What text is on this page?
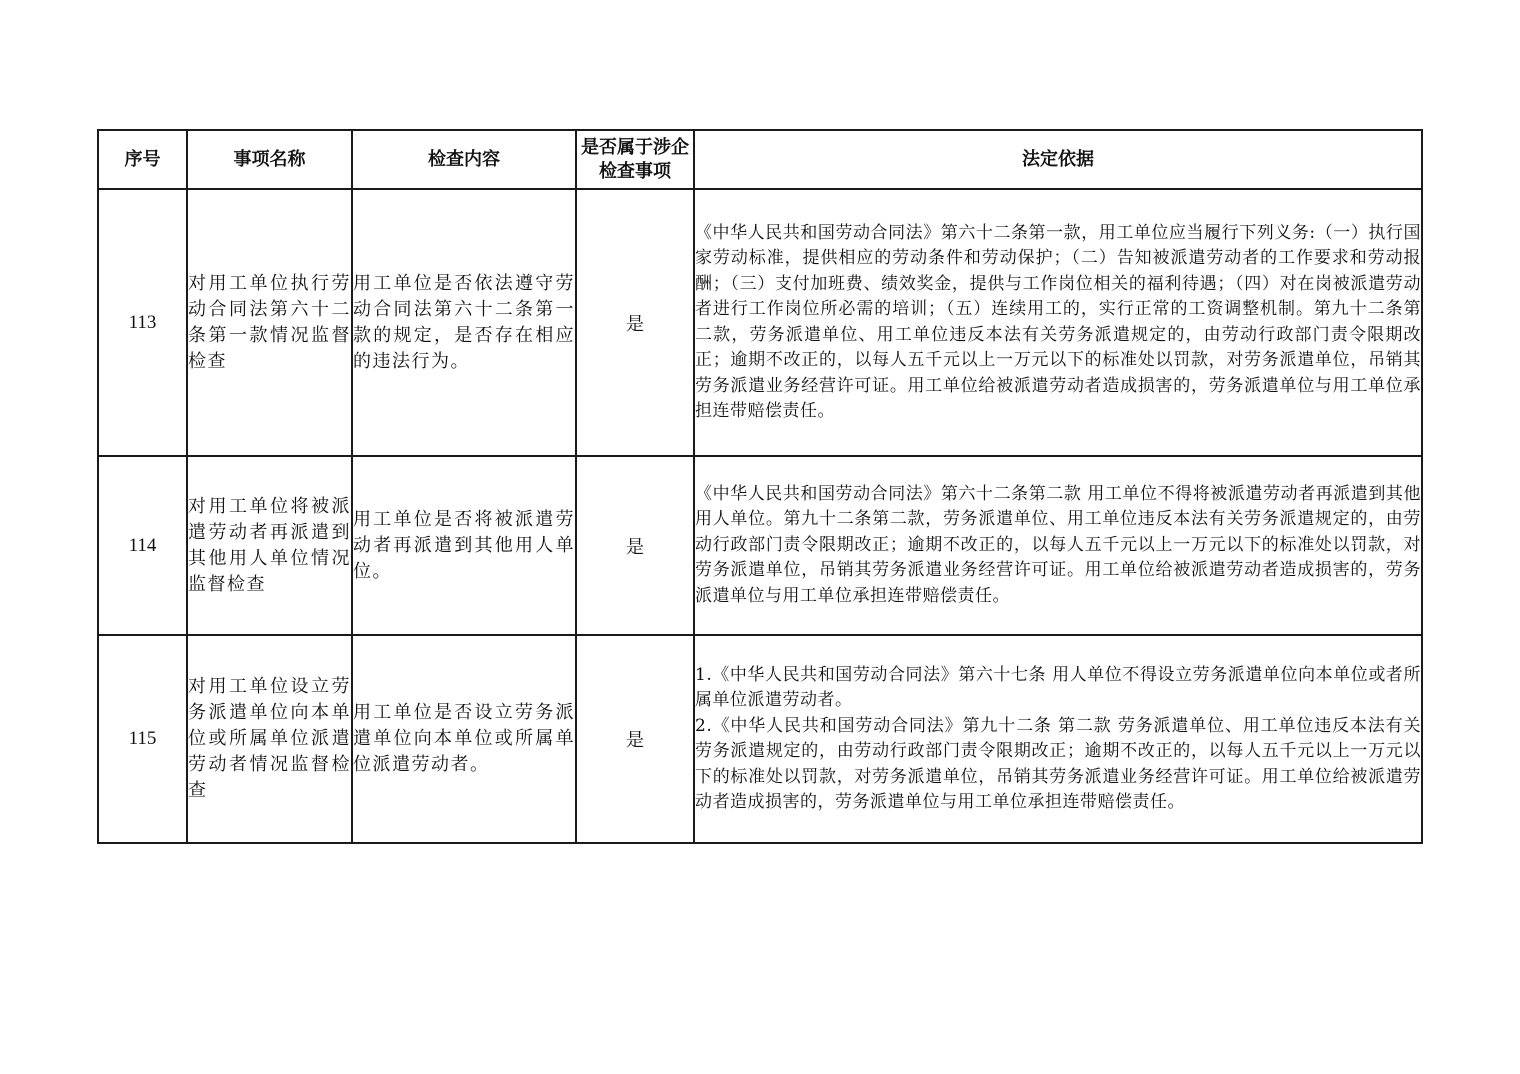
序号	事项名称	检查内容	是否属于涉企检查事项	法定依据
113	对用工单位执行劳动合同法第六十二条第一款情况监督检查	用工单位是否依法遵守劳动合同法第六十二条第一款的规定，是否存在相应的违法行为。	是	《中华人民共和国劳动合同法》第六十二条第一款，用工单位应当履行下列义务:（一）执行国家劳动标准，提供相应的劳动条件和劳动保护；（二）告知被派遣劳动者的工作要求和劳动报酬；（三）支付加班费、绩效奖金，提供与工作岗位相关的福利待遇；（四）对在岗被派遣劳动者进行工作岗位所必需的培训；（五）连续用工的，实行正常的工资调整机制。第九十二条第二款，劳务派遣单位、用工单位违反本法有关劳务派遣规定的，由劳动行政部门责令限期改正；逾期不改正的，以每人五千元以上一万元以下的标准处以罚款，对劳务派遣单位，吊销其劳务派遣业务经营许可证。用工单位给被派遣劳动者造成损害的，劳务派遣单位与用工单位承担连带赔偿责任。

114	对用工单位将被派遣劳动者再派遣到其他用人单位情况监督检查	用工单位是否将被派遣劳动者再派遣到其他用人单位。	是	《中华人民共和国劳动合同法》第六十二条第二款 用工单位不得将被派遣劳动者再派遣到其他用人单位。第九十二条第二款，劳务派遣单位、用工单位违反本法有关劳务派遣规定的，由劳动行政部门责令限期改正；逾期不改正的，以每人五千元以上一万元以下的标准处以罚款，对劳务派遣单位，吊销其劳务派遣业务经营许可证。用工单位给被派遣劳动者造成损害的，劳务派遣单位与用工单位承担连带赔偿责任。

115	对用工单位设立劳务派遣单位向本单位或所属单位派遣劳动者情况监督检查	用工单位是否设立劳务派遣单位向本单位或所属单位派遣劳动者。	是	1.《中华人民共和国劳动合同法》第六十七条 用人单位不得设立劳务派遣单位向本单位或者所属单位派遣劳动者。
2.《中华人民共和国劳动合同法》第九十二条 第二款 劳务派遣单位、用工单位违反本法有关劳务派遣规定的，由劳动行政部门责令限期改正；逾期不改正的，以每人五千元以上一万元以下的标准处以罚款，对劳务派遣单位，吊销其劳务派遣业务经营许可证。用工单位给被派遣劳动者造成损害的，劳务派遣单位与用工单位承担连带赔偿责任。
